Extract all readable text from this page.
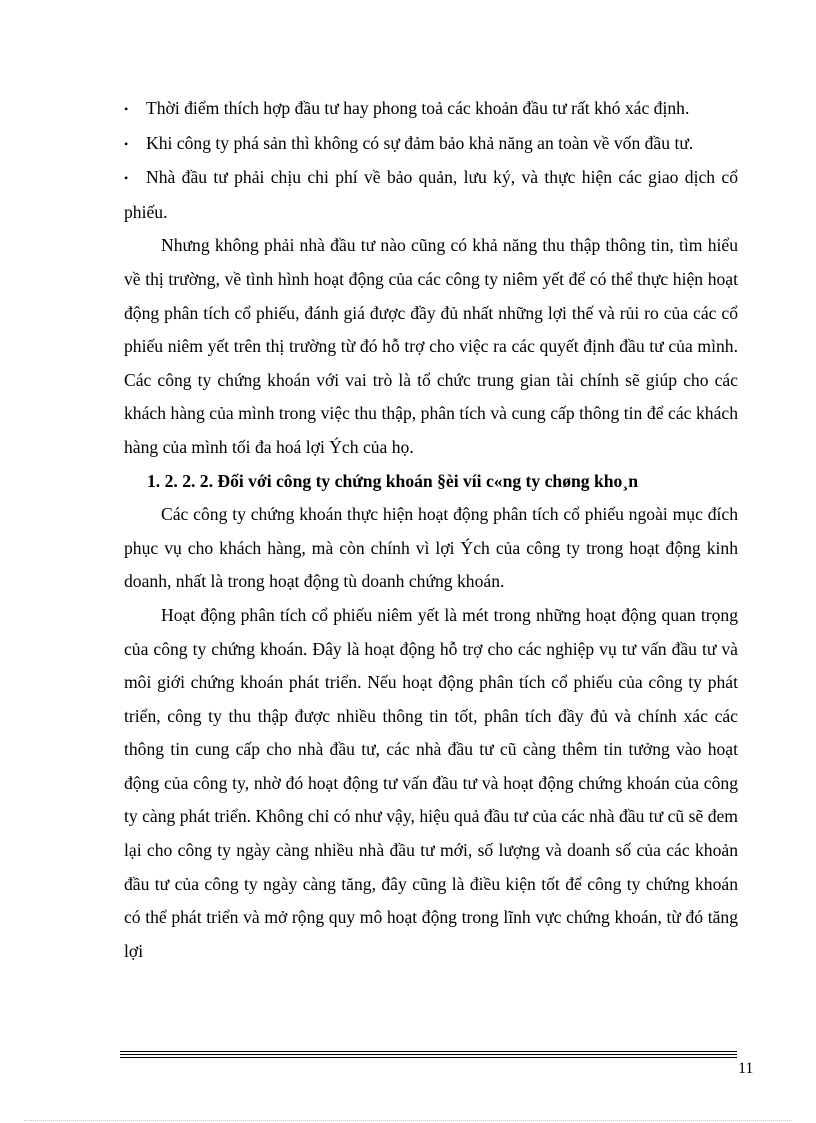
• Thời điểm thích hợp đầu tư hay phong toả các khoản đầu tư rất khó xác định.

• Khi công ty phá sản thì không có sự đảm bảo khả năng an toàn về vốn đầu tư.

• Nhà đầu tư phải chịu chi phí về bảo quản, lưu ký, và thực hiện các giao dịch cổ phiếu.

Nhưng không phải nhà đầu tư nào cũng có khả năng thu thập thông tin, tìm hiểu về thị trường, về tình hình hoạt động của các công ty niêm yết để có thể thực hiện hoạt động phân tích cổ phiếu, đánh giá được đầy đủ nhất những lợi thế và rủi ro của các cổ phiếu niêm yết trên thị trường từ đó hỗ trợ cho việc ra các quyết định đầu tư của mình. Các công ty chứng khoán với vai trò là tổ chức trung gian tài chính sẽ giúp cho các khách hàng của mình trong việc thu thập, phân tích và cung cấp thông tin để các khách hàng của mình tối đa hoá lợi Ých của họ.

1. 2. 2. 2. Đối với công ty chứng khoán §èi víi c«ng ty chøng kho¸n

Các công ty chứng khoán thực hiện hoạt động phân tích cổ phiếu ngoài mục đích phục vụ cho khách hàng, mà còn chính vì lợi Ých của công ty trong hoạt động kinh doanh, nhất là trong hoạt động tù doanh chứng khoán.

Hoạt động phân tích cổ phiếu niêm yết là mét trong những hoạt động quan trọng của công ty chứng khoán. Đây là hoạt động hỗ trợ cho các nghiệp vụ tư vấn đầu tư và môi giới chứng khoán phát triển. Nếu hoạt động phân tích cổ phiếu của công ty phát triển, công ty thu thập được nhiều thông tin tốt, phân tích đầy đủ và chính xác các thông tin cung cấp cho nhà đầu tư, các nhà đầu tư cũ càng thêm tin tưởng vào hoạt động của công ty, nhờ đó hoạt động tư vấn đầu tư và hoạt động chứng khoán của công ty càng phát triển. Không chỉ có như vậy, hiệu quả đầu tư của các nhà đầu tư cũ sẽ đem lại cho công ty ngày càng nhiều nhà đầu tư mới, số lượng và doanh số của các khoản đầu tư của công ty ngày càng tăng, đây cũng là điều kiện tốt để công ty chứng khoán có thể phát triển và mở rộng quy mô hoạt động trong lĩnh vực chứng khoán, từ đó tăng lợi

11
